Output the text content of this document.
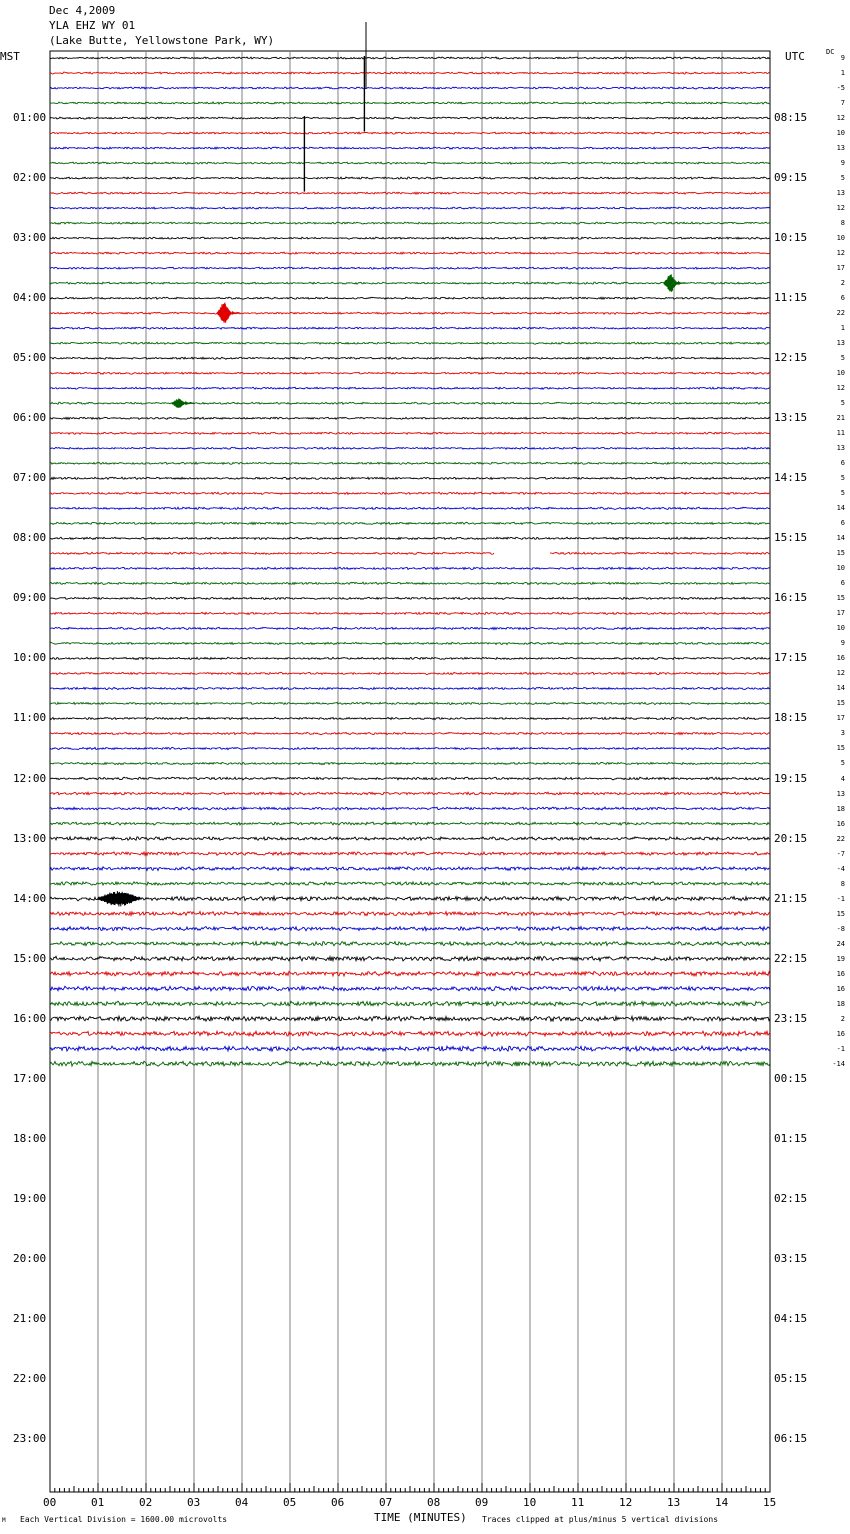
Dec 4,2009
YLA EHZ WY 01
(Lake Butte, Yellowstone Park, WY)
MST	UTC	DC
01:00
02:00
03:00
04:00
05:00
06:00
07:00
08:00
09:00
10:00
11:00
12:00
13:00
14:00
15:00
16:00
17:00
18:00
19:00
20:00
21:00
22:00
23:00
08:15
09:15
10:15
11:15
12:15
13:15
14:15
15:15
16:15
17:15
18:15
19:15
20:15
21:15
22:15
23:15
00:15
01:15
02:15
03:15
04:15
05:15
06:15
9
1
-5
7
12
10
13
9
5
13
12
8
10
12
17
2
6
22
1
13
5
10
12
5
21
11
13
6
5
5
14
6
14
15
10
6
15
17
10
9
16
12
14
15
17
3
15
5
4
13
18
16
22
-7
-4
8
-1
15
-8
24
19
16
16
18
2
16
-1
-14
00	01	02	03	04	05	06	07	08	09	10	11	12	13	14	15
TIME (MINUTES)
Each Vertical Division = 1600.00 microvolts	Traces clipped at plus/minus 5 vertical divisions
M
